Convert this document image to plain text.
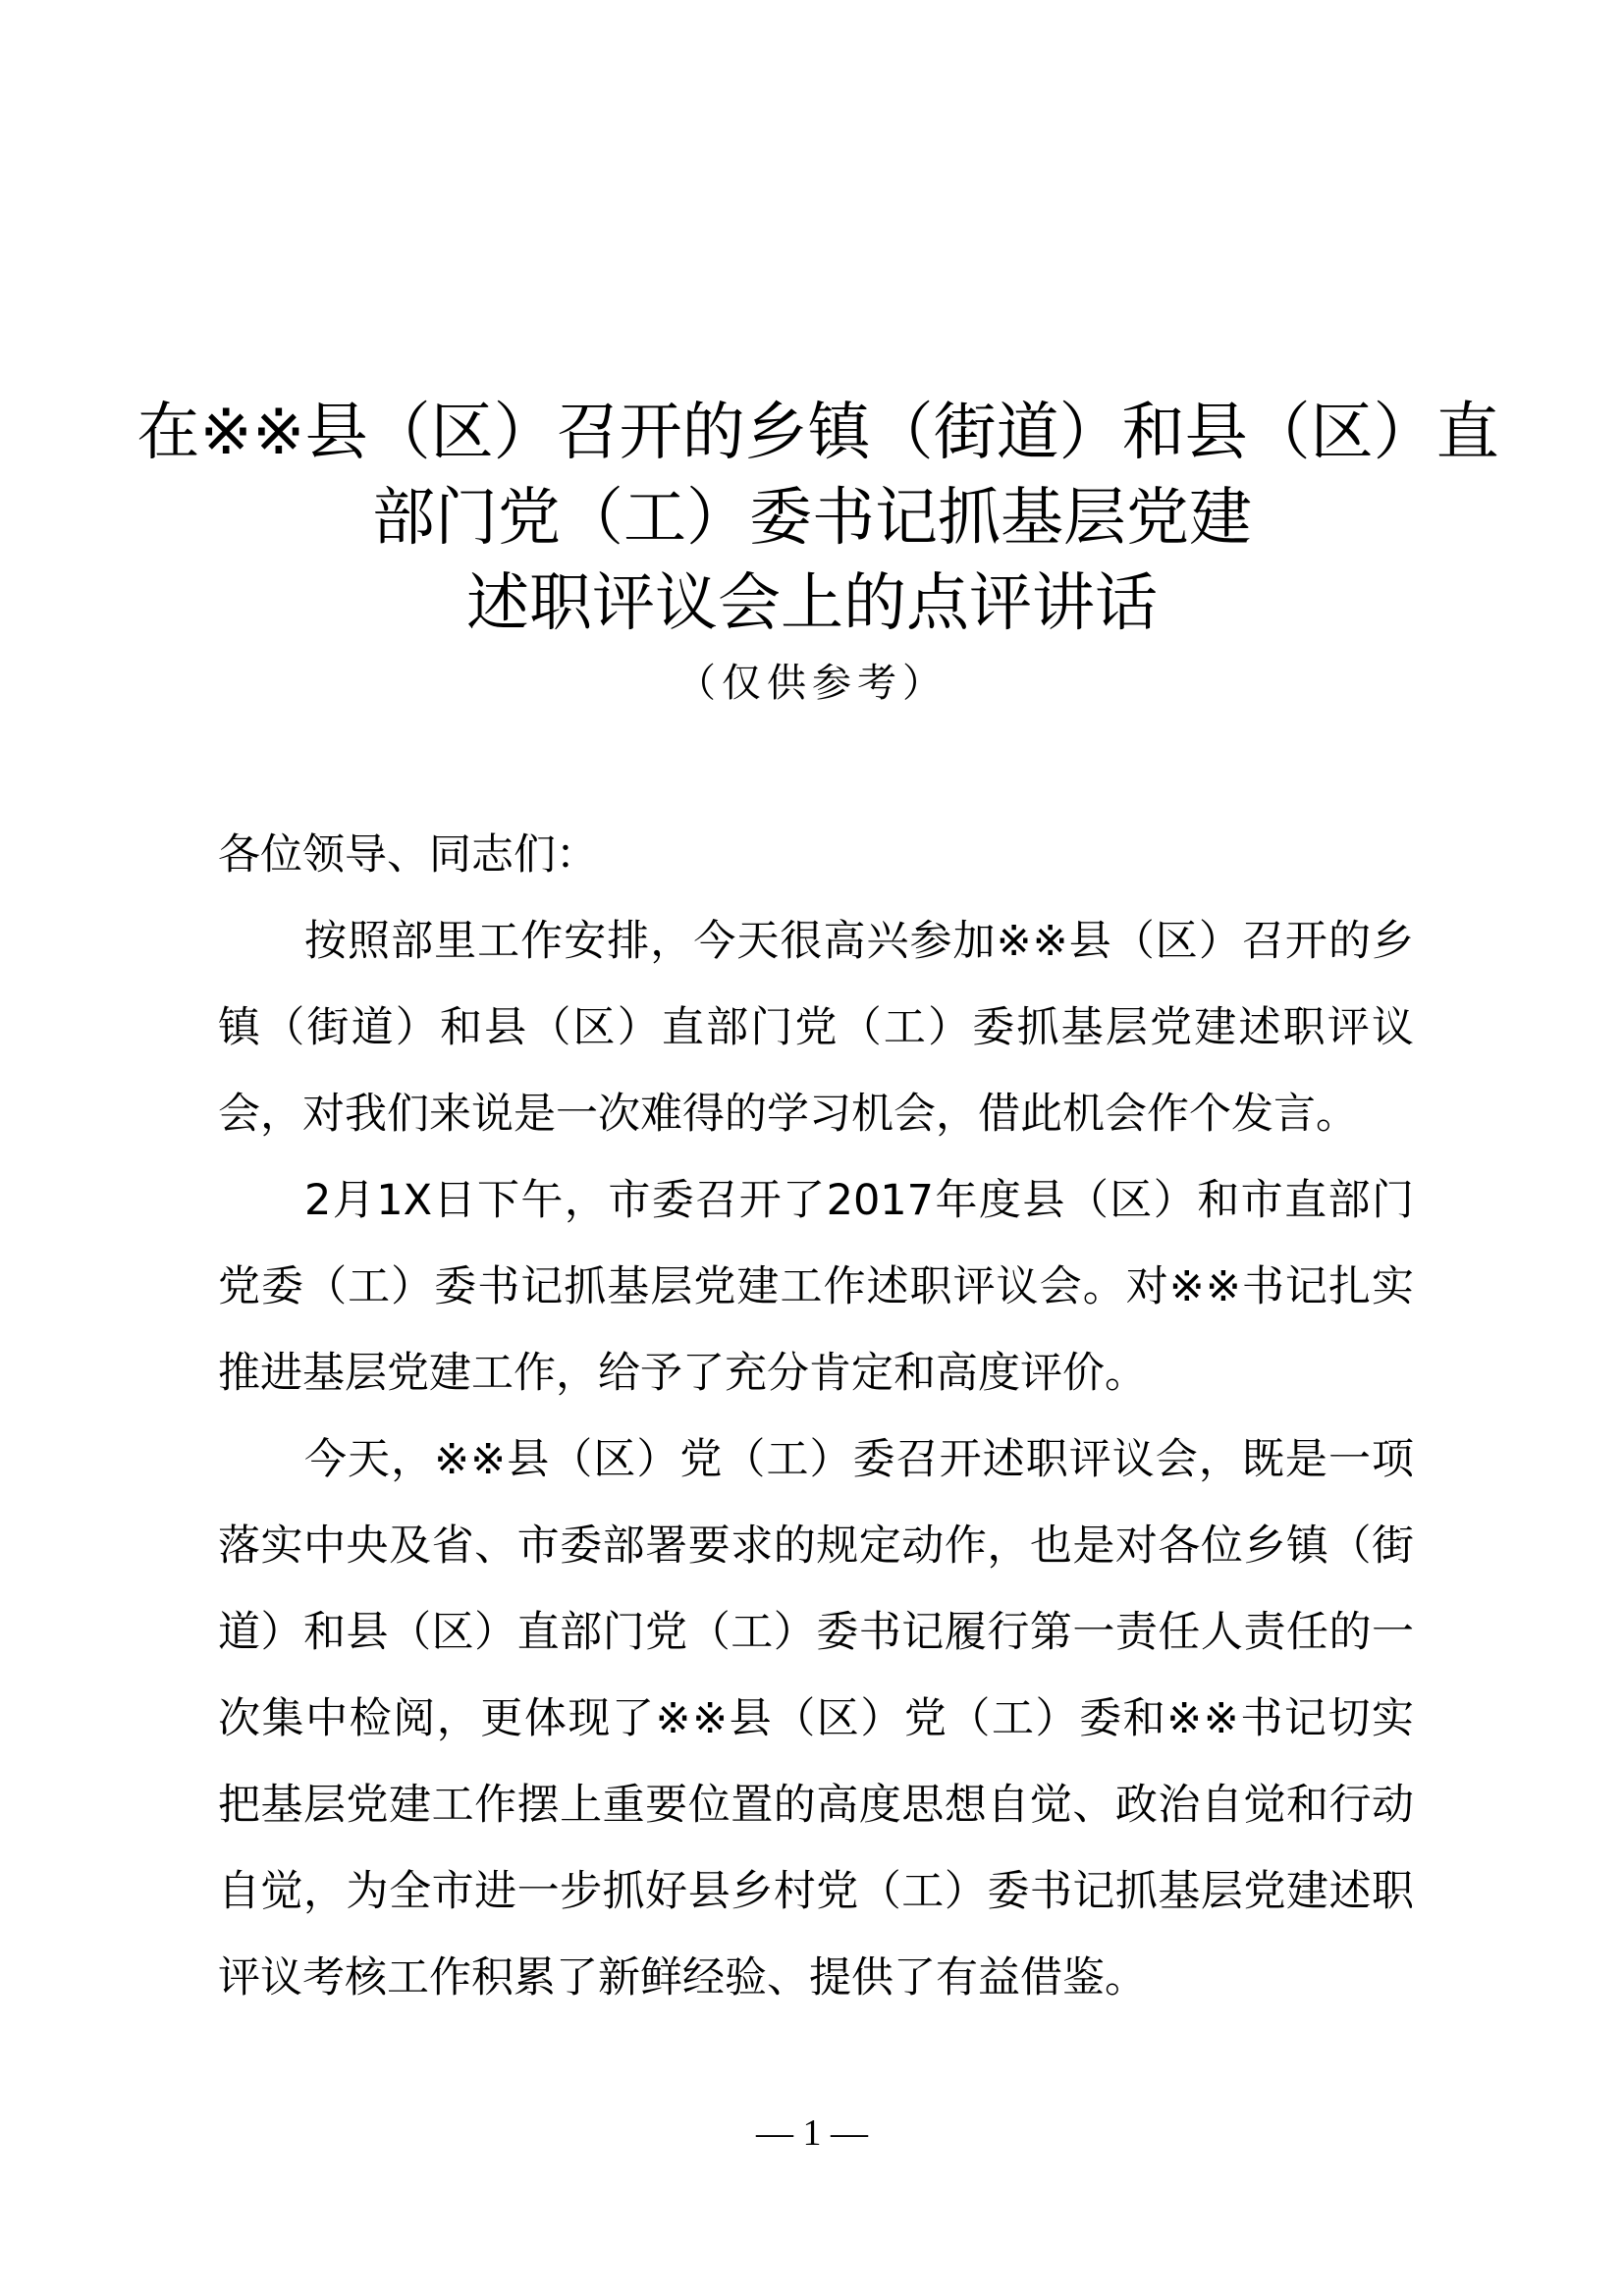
在※※县（区）召开的乡镇（街道）和县（区）直
部门党（工）委书记抓基层党建
述职评议会上的点评讲话
（仅供参考）

各位领导、同志们：

按照部里工作安排，今天很高兴参加※※县（区）召开的乡镇（街道）和县（区）直部门党（工）委抓基层党建述职评议会，对我们来说是一次难得的学习机会，借此机会作个发言。

2月1X日下午，市委召开了2017年度县（区）和市直部门党委（工）委书记抓基层党建工作述职评议会。对※※书记扎实推进基层党建工作，给予了充分肯定和高度评价。

今天，※※县（区）党（工）委召开述职评议会，既是一项落实中央及省、市委部署要求的规定动作，也是对各位乡镇（街道）和县（区）直部门党（工）委书记履行第一责任人责任的一次集中检阅，更体现了※※县（区）党（工）委和※※书记切实把基层党建工作摆上重要位置的高度思想自觉、政治自觉和行动自觉，为全市进一步抓好县乡村党（工）委书记抓基层党建述职评议考核工作积累了新鲜经验、提供了有益借鉴。

— 1 —
